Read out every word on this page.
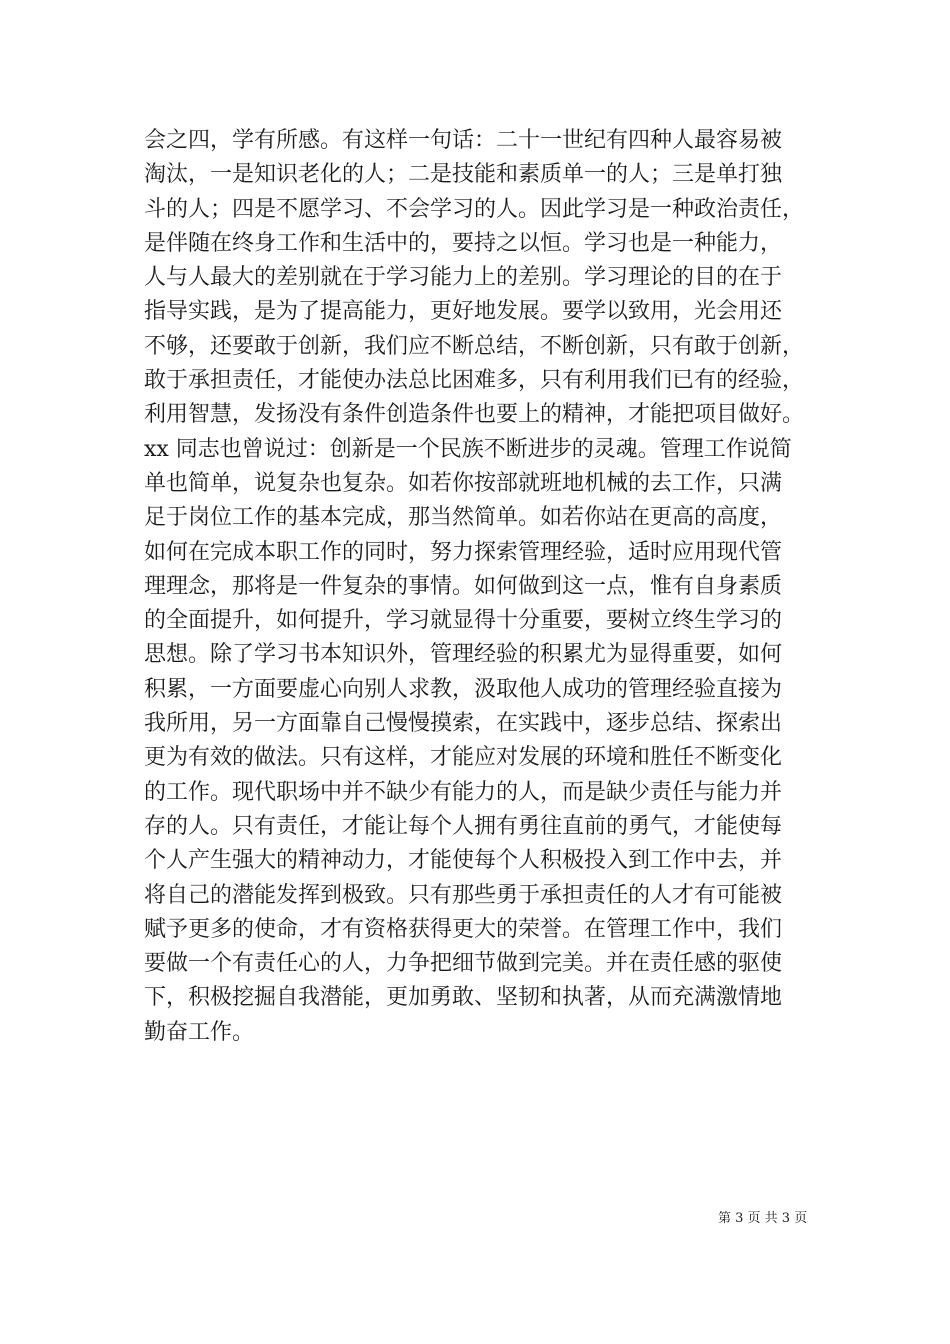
会之四，学有所感。有这样一句话：二十一世纪有四种人最容易被
淘汰，一是知识老化的人；二是技能和素质单一的人；三是单打独
斗的人；四是不愿学习、不会学习的人。因此学习是一种政治责任，
是伴随在终身工作和生活中的，要持之以恒。学习也是一种能力，
人与人最大的差别就在于学习能力上的差别。学习理论的目的在于
指导实践，是为了提高能力，更好地发展。要学以致用，光会用还
不够，还要敢于创新，我们应不断总结，不断创新，只有敢于创新，
敢于承担责任，才能使办法总比困难多，只有利用我们已有的经验，
利用智慧，发扬没有条件创造条件也要上的精神，才能把项目做好。
xx 同志也曾说过：创新是一个民族不断进步的灵魂。管理工作说简
单也简单，说复杂也复杂。如若你按部就班地机械的去工作，只满
足于岗位工作的基本完成，那当然简单。如若你站在更高的高度，
如何在完成本职工作的同时，努力探索管理经验，适时应用现代管
理理念，那将是一件复杂的事情。如何做到这一点，惟有自身素质
的全面提升，如何提升，学习就显得十分重要，要树立终生学习的
思想。除了学习书本知识外，管理经验的积累尤为显得重要，如何
积累，一方面要虚心向别人求教，汲取他人成功的管理经验直接为
我所用，另一方面靠自己慢慢摸索，在实践中，逐步总结、探索出
更为有效的做法。只有这样，才能应对发展的环境和胜任不断变化
的工作。现代职场中并不缺少有能力的人，而是缺少责任与能力并
存的人。只有责任，才能让每个人拥有勇往直前的勇气，才能使每
个人产生强大的精神动力，才能使每个人积极投入到工作中去，并
将自己的潜能发挥到极致。只有那些勇于承担责任的人才有可能被
赋予更多的使命，才有资格获得更大的荣誉。在管理工作中，我们
要做一个有责任心的人，力争把细节做到完美。并在责任感的驱使
下，积极挖掘自我潜能，更加勇敢、坚韧和执著，从而充满激情地
勤奋工作。
第 3 页 共 3 页
